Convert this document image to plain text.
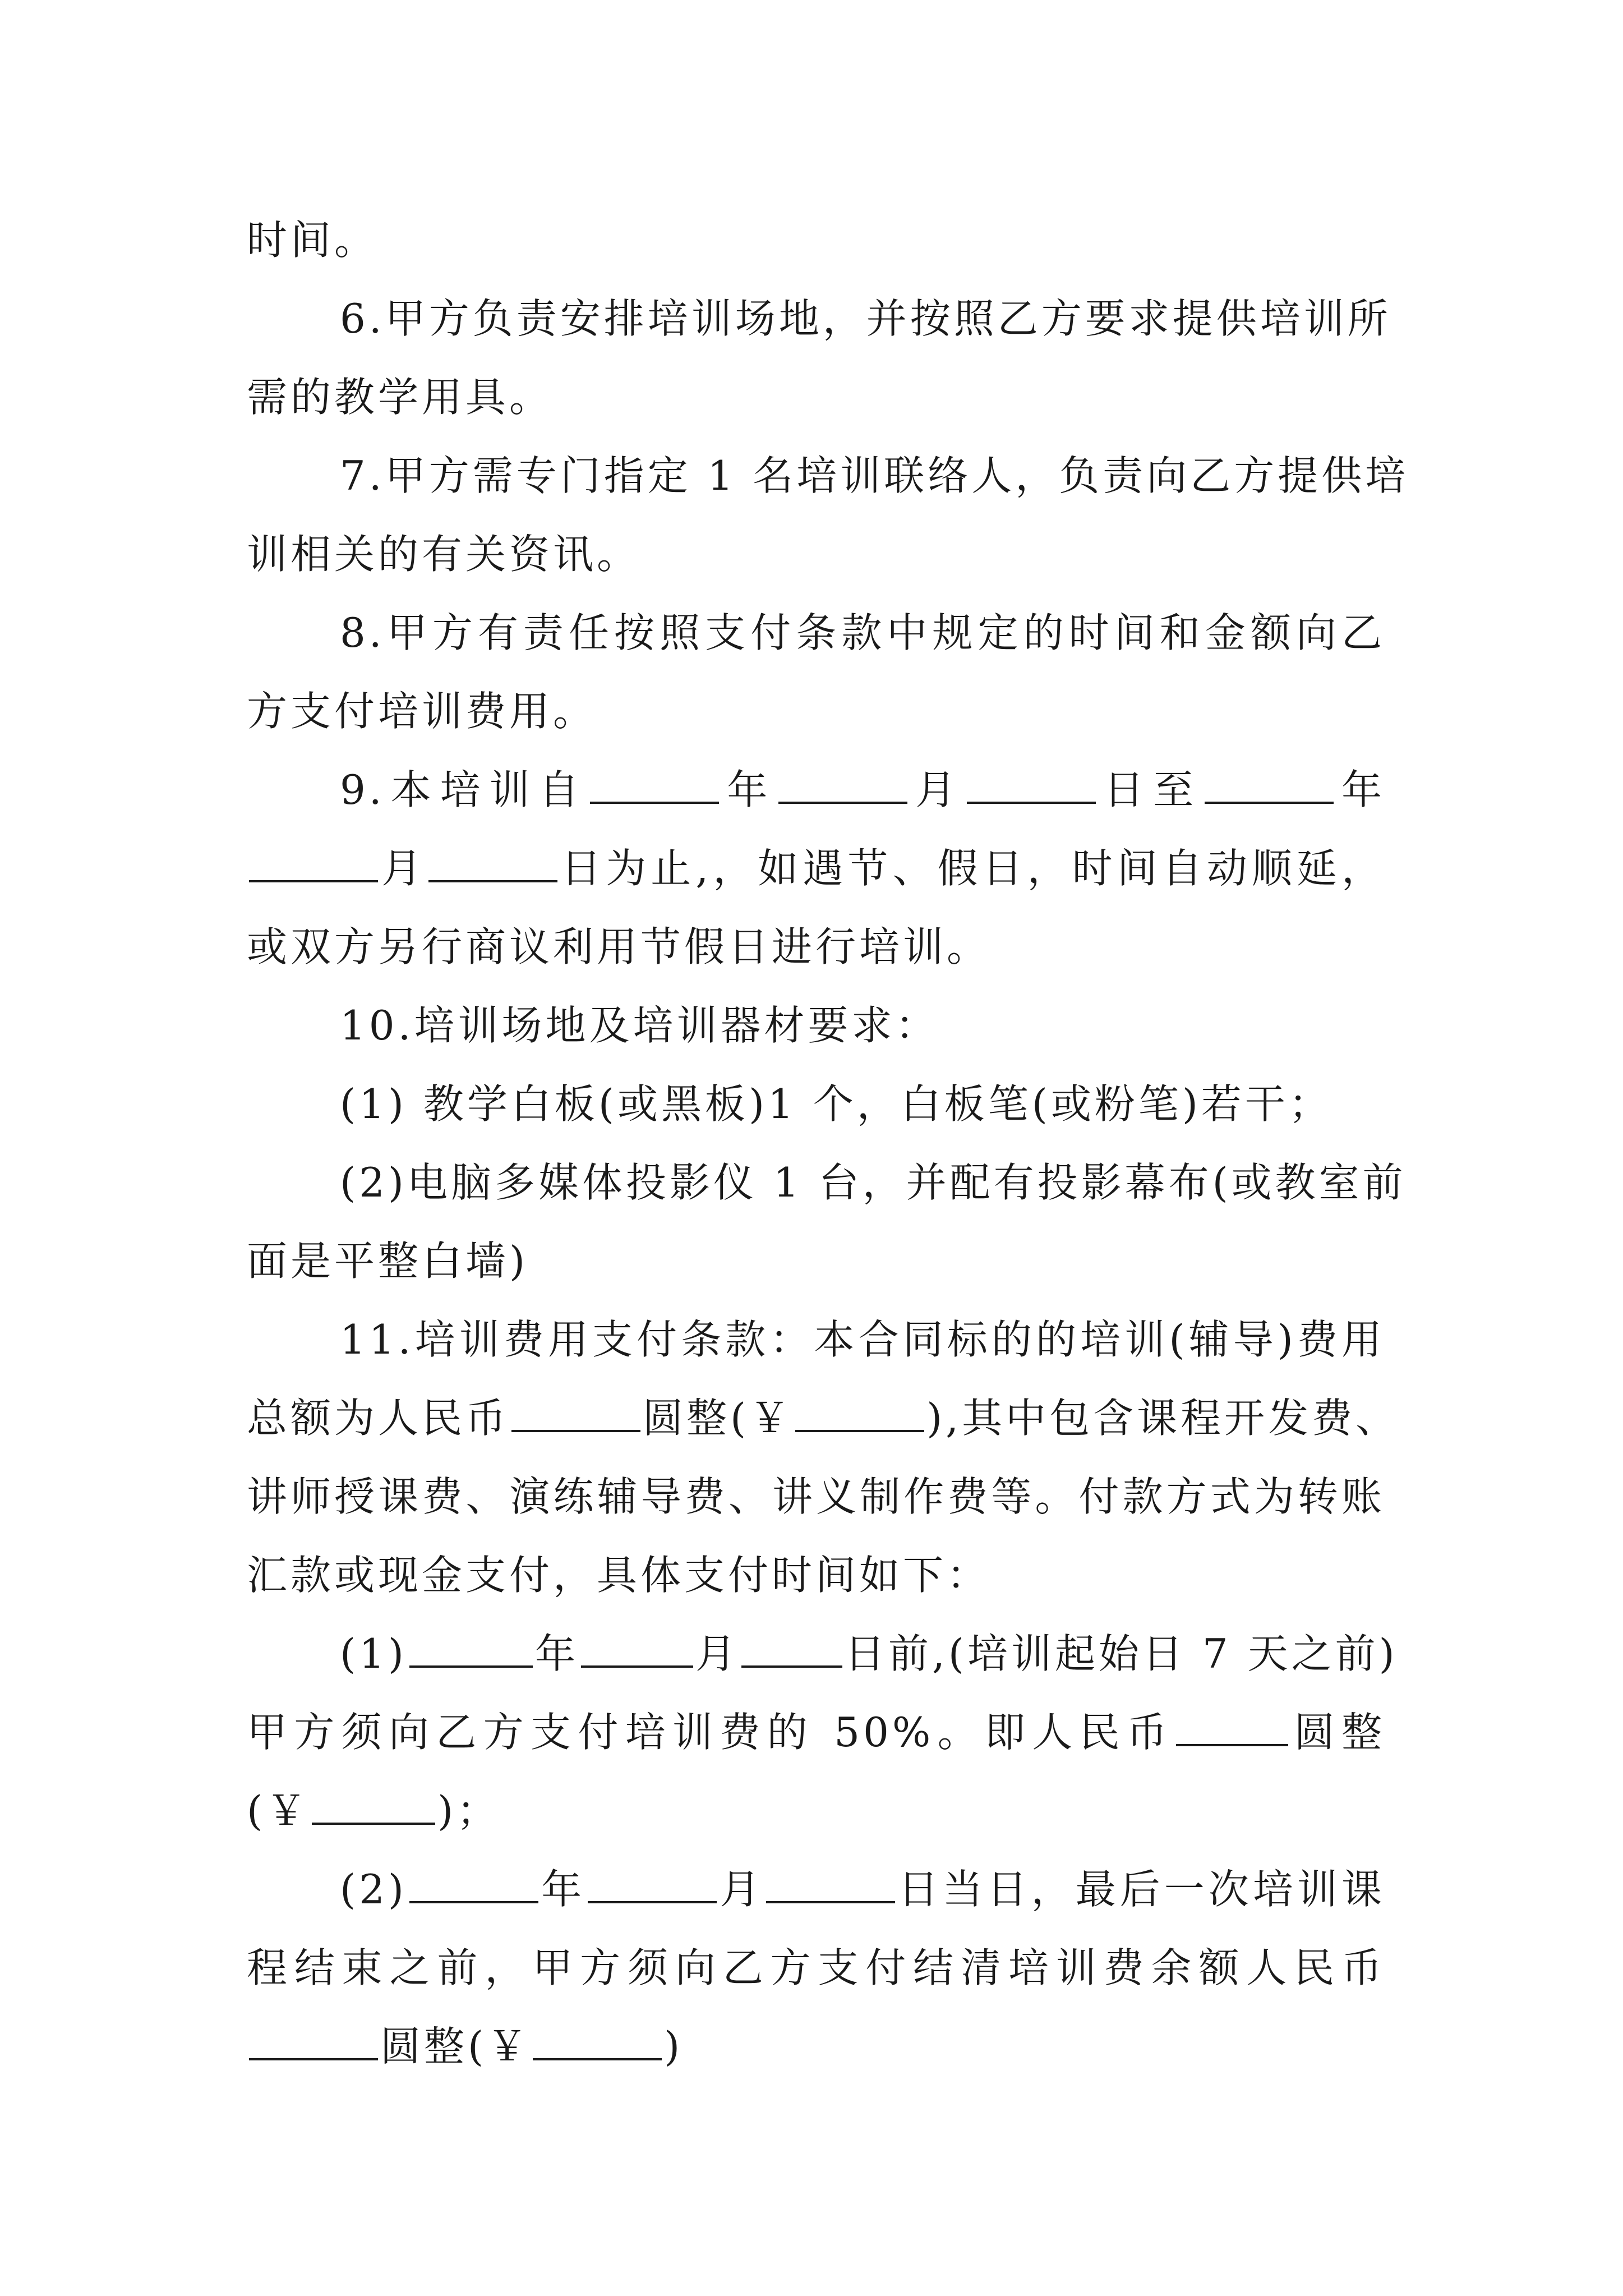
时间。
6.甲方负责安排培训场地，并按照乙方要求提供培训所
需的教学用具。
7.甲方需专门指定 1 名培训联络人，负责向乙方提供培
训相关的有关资讯。
8.甲方有责任按照支付条款中规定的时间和金额向乙
方支付培训费用。
9.本培训自	年	月	日至	年
月	日为止,，如遇节、假日，时间自动顺延，
或双方另行商议利用节假日进行培训。
10.培训场地及培训器材要求：
(1) 教学白板(或黑板)1 个，白板笔(或粉笔)若干；
(2)电脑多媒体投影仪 1 台，并配有投影幕布(或教室前
面是平整白墙)
11.培训费用支付条款：本合同标的的培训(辅导)费用
总额为人民币	圆整(￥	),其中包含课程开发费、
讲师授课费、演练辅导费、讲义制作费等。付款方式为转账
汇款或现金支付，具体支付时间如下：
(1)	年	月	日前,(培训起始日 7 天之前)
甲方须向乙方支付培训费的 50%。即人民币	圆整
(￥	)；
(2)	年	月	日当日，最后一次培训课
程结束之前，甲方须向乙方支付结清培训费余额人民币
圆整(￥	)
